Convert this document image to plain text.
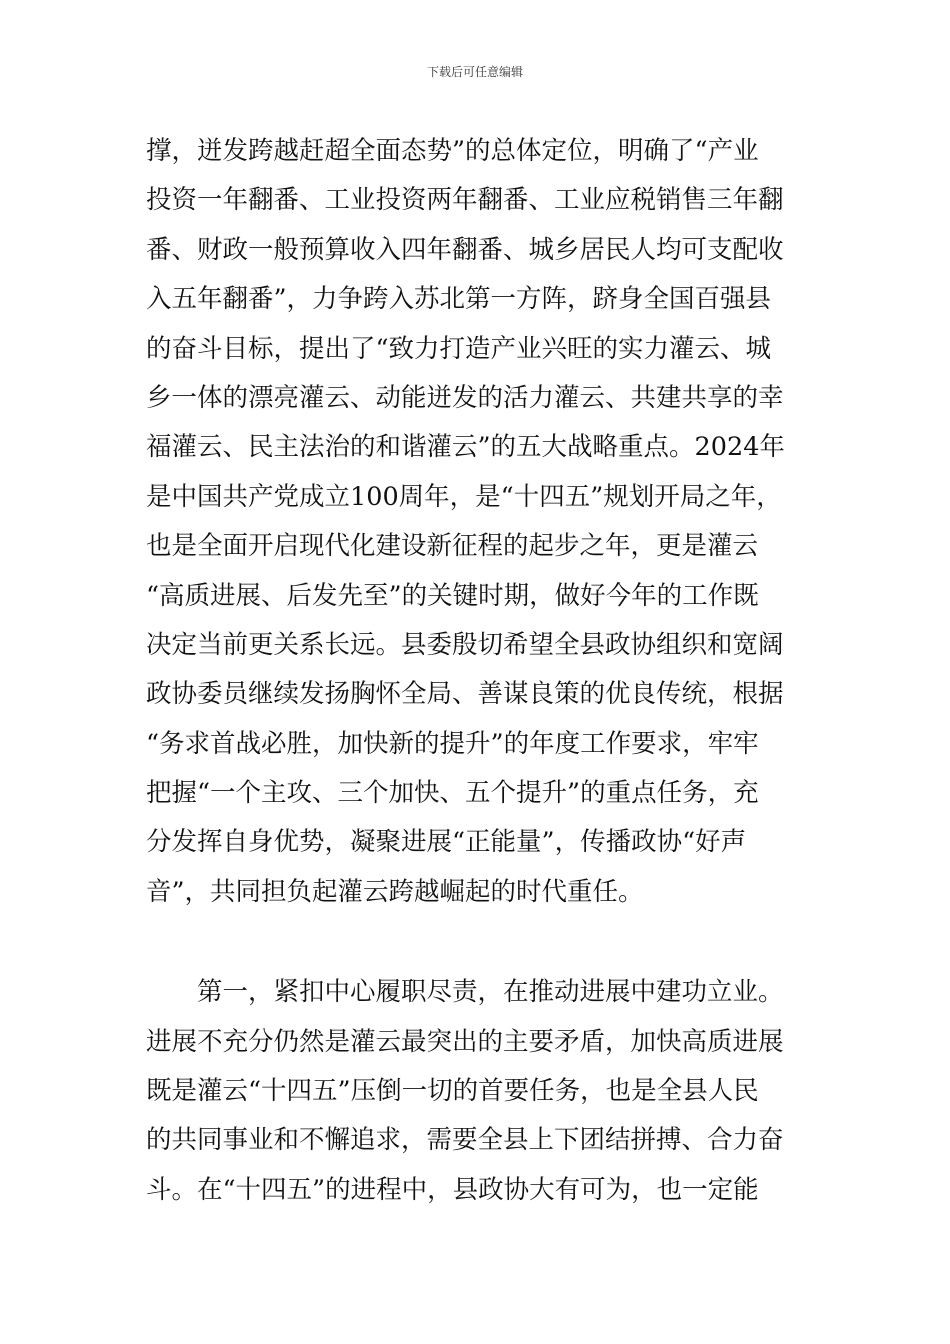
下载后可任意编辑
撑，迸发跨越赶超全面态势”的总体定位，明确了“产业
投资一年翻番、工业投资两年翻番、工业应税销售三年翻
番、财政一般预算收入四年翻番、城乡居民人均可支配收
入五年翻番”，力争跨入苏北第一方阵，跻身全国百强县
的奋斗目标，提出了“致力打造产业兴旺的实力灌云、城
乡一体的漂亮灌云、动能迸发的活力灌云、共建共享的幸
福灌云、民主法治的和谐灌云”的五大战略重点。2024年
是中国共产党成立100周年，是“十四五”规划开局之年，
也是全面开启现代化建设新征程的起步之年，更是灌云
“高质进展、后发先至”的关键时期，做好今年的工作既
决定当前更关系长远。县委殷切希望全县政协组织和宽阔
政协委员继续发扬胸怀全局、善谋良策的优良传统，根据
“务求首战必胜，加快新的提升”的年度工作要求，牢牢
把握“一个主攻、三个加快、五个提升”的重点任务，充
分发挥自身优势，凝聚进展“正能量”，传播政协“好声
音”，共同担负起灌云跨越崛起的时代重任。
　　第一，紧扣中心履职尽责，在推动进展中建功立业。
进展不充分仍然是灌云最突出的主要矛盾，加快高质进展
既是灌云“十四五”压倒一切的首要任务，也是全县人民
的共同事业和不懈追求，需要全县上下团结拼搏、合力奋
斗。在“十四五”的进程中，县政协大有可为，也一定能
